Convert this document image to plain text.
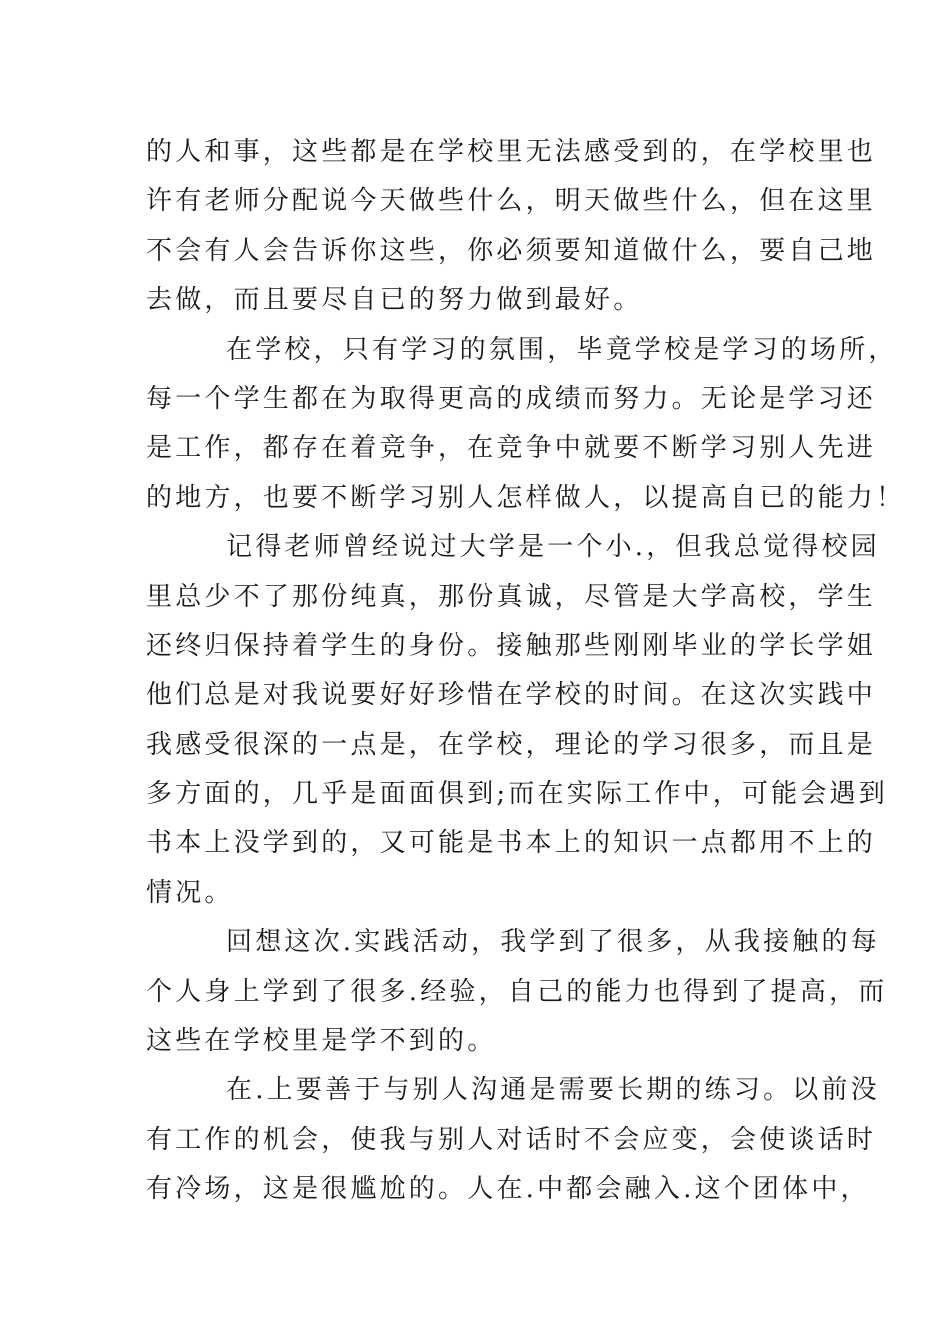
的人和事，这些都是在学校里无法感受到的，在学校里也
许有老师分配说今天做些什么，明天做些什么，但在这里
不会有人会告诉你这些，你必须要知道做什么，要自己地
去做，而且要尽自已的努力做到最好。
在学校，只有学习的氛围，毕竟学校是学习的场所，
每一个学生都在为取得更高的成绩而努力。无论是学习还
是工作，都存在着竞争，在竞争中就要不断学习别人先进
的地方，也要不断学习别人怎样做人，以提高自已的能力！
记得老师曾经说过大学是一个小.，但我总觉得校园
里总少不了那份纯真，那份真诚，尽管是大学高校，学生
还终归保持着学生的身份。接触那些刚刚毕业的学长学姐
他们总是对我说要好好珍惜在学校的时间。在这次实践中
我感受很深的一点是，在学校，理论的学习很多，而且是
多方面的，几乎是面面俱到;而在实际工作中，可能会遇到
书本上没学到的，又可能是书本上的知识一点都用不上的
情况。
回想这次.实践活动，我学到了很多，从我接触的每
个人身上学到了很多.经验，自己的能力也得到了提高，而
这些在学校里是学不到的。
在.上要善于与别人沟通是需要长期的练习。以前没
有工作的机会，使我与别人对话时不会应变，会使谈话时
有冷场，这是很尴尬的。人在.中都会融入.这个团体中，
